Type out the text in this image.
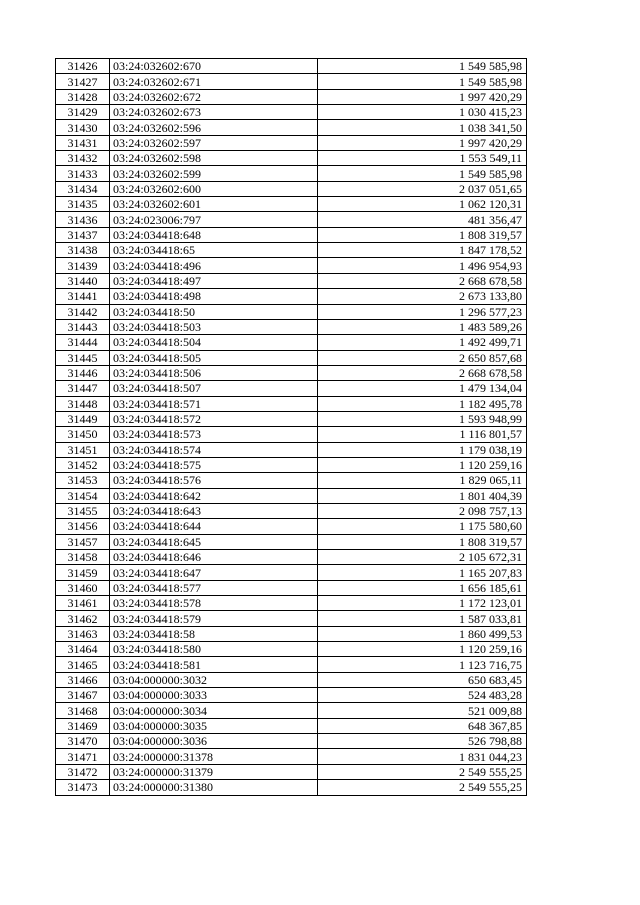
31426	03:24:032602:670	1 549 585,98
31427	03:24:032602:671	1 549 585,98
31428	03:24:032602:672	1 997 420,29
31429	03:24:032602:673	1 030 415,23
31430	03:24:032602:596	1 038 341,50
31431	03:24:032602:597	1 997 420,29
31432	03:24:032602:598	1 553 549,11
31433	03:24:032602:599	1 549 585,98
31434	03:24:032602:600	2 037 051,65
31435	03:24:032602:601	1 062 120,31
31436	03:24:023006:797	481 356,47
31437	03:24:034418:648	1 808 319,57
31438	03:24:034418:65	1 847 178,52
31439	03:24:034418:496	1 496 954,93
31440	03:24:034418:497	2 668 678,58
31441	03:24:034418:498	2 673 133,80
31442	03:24:034418:50	1 296 577,23
31443	03:24:034418:503	1 483 589,26
31444	03:24:034418:504	1 492 499,71
31445	03:24:034418:505	2 650 857,68
31446	03:24:034418:506	2 668 678,58
31447	03:24:034418:507	1 479 134,04
31448	03:24:034418:571	1 182 495,78
31449	03:24:034418:572	1 593 948,99
31450	03:24:034418:573	1 116 801,57
31451	03:24:034418:574	1 179 038,19
31452	03:24:034418:575	1 120 259,16
31453	03:24:034418:576	1 829 065,11
31454	03:24:034418:642	1 801 404,39
31455	03:24:034418:643	2 098 757,13
31456	03:24:034418:644	1 175 580,60
31457	03:24:034418:645	1 808 319,57
31458	03:24:034418:646	2 105 672,31
31459	03:24:034418:647	1 165 207,83
31460	03:24:034418:577	1 656 185,61
31461	03:24:034418:578	1 172 123,01
31462	03:24:034418:579	1 587 033,81
31463	03:24:034418:58	1 860 499,53
31464	03:24:034418:580	1 120 259,16
31465	03:24:034418:581	1 123 716,75
31466	03:04:000000:3032	650 683,45
31467	03:04:000000:3033	524 483,28
31468	03:04:000000:3034	521 009,88
31469	03:04:000000:3035	648 367,85
31470	03:04:000000:3036	526 798,88
31471	03:24:000000:31378	1 831 044,23
31472	03:24:000000:31379	2 549 555,25
31473	03:24:000000:31380	2 549 555,25
